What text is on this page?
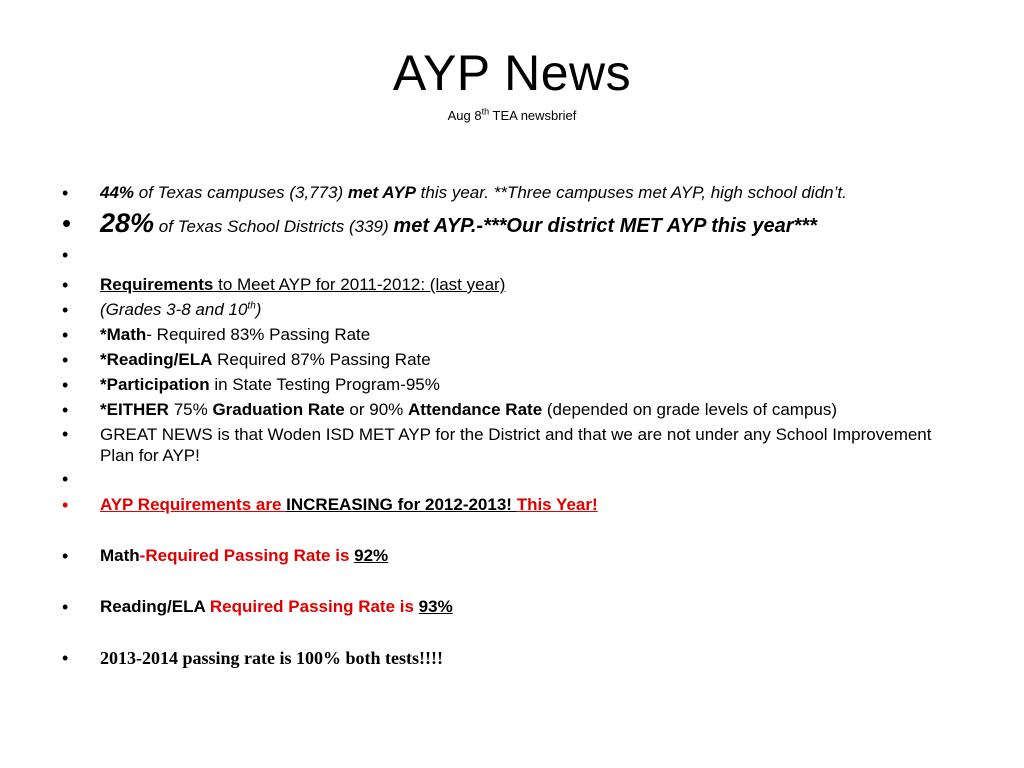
AYP News
Aug 8th TEA newsbrief
• 44% of Texas campuses (3,773) met AYP this year. **Three campuses met AYP, high school didn’t.
• 28% of Texas School Districts (339) met AYP.-***Our district MET AYP this year***
•
• Requirements to Meet AYP for 2011-2012: (last year)
• (Grades 3-8 and 10th)
• *Math- Required 83% Passing Rate
• *Reading/ELA Required 87% Passing Rate
• *Participation in State Testing Program-95%
• *EITHER 75% Graduation Rate or 90% Attendance Rate (depended on grade levels of campus)
• GREAT NEWS is that Woden ISD MET AYP for the District and that we are not under any School Improvement Plan for AYP!
•
• AYP Requirements are INCREASING for 2012-2013! This Year!
• Math-Required Passing Rate is 92%
• Reading/ELA Required Passing Rate is 93%
• 2013-2014 passing rate is 100% both tests!!!!
